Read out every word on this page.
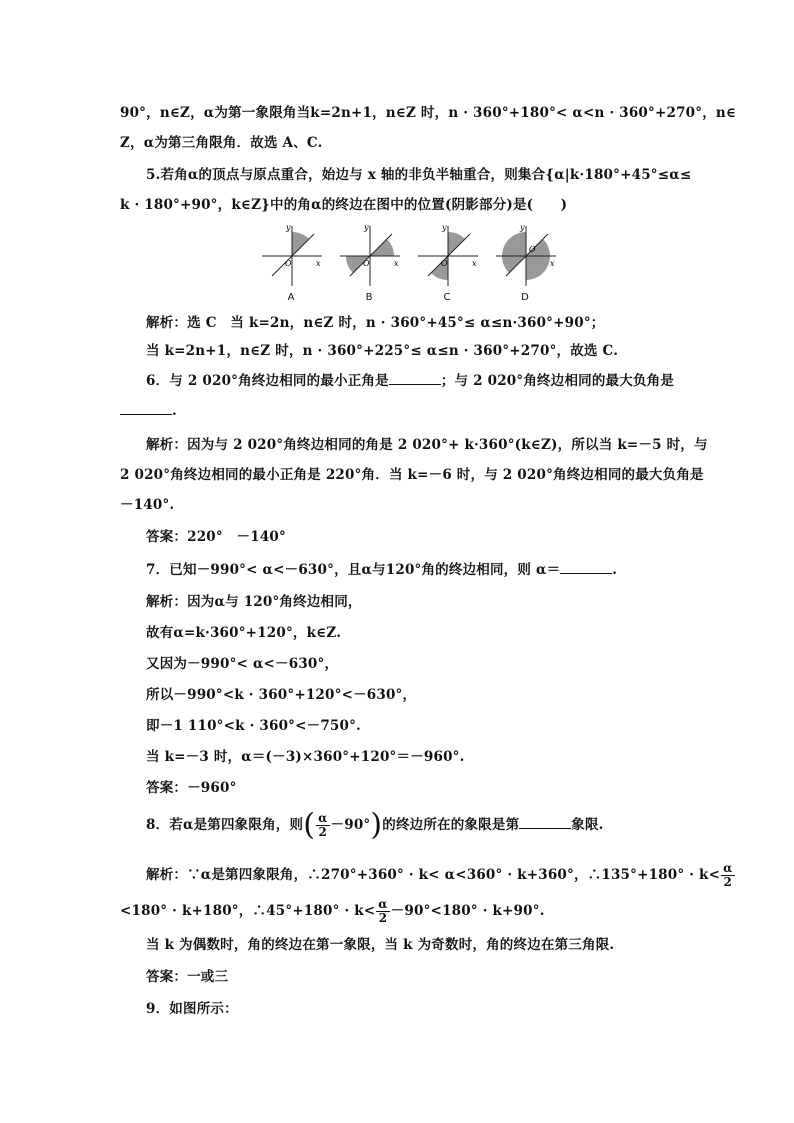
90°，n∈Z，α为第一象限角当k=2n+1，n∈Z 时，n · 360°+180°< α<n · 360°+270°，n∈
Z，α为第三角限角．故选 A、C.
5.若角α的顶点与原点重合，始边与 x 轴的非负半轴重合，则集合{α|k·180°+45°≤α≤
k · 180°+90°，k∈Z}中的角α的终边在图中的位置(阴影部分)是(　　)
y
x
O
A
y
x
O
B
y
x
O
C
y
x
O
D
解析：选 C　当 k=2n，n∈Z 时，n · 360°+45°≤ α≤n·360°+90°；
当 k=2n+1，n∈Z 时，n · 360°+225°≤ α≤n · 360°+270°，故选 C.
6．与 2 020°角终边相同的最小正角是	；与 2 020°角终边相同的最大负角是
.
解析：因为与 2 020°角终边相同的角是 2 020°+ k·360°(k∈Z)，所以当 k=－5 时，与
2 020°角终边相同的最小正角是 220°角．当 k=－6 时，与 2 020°角终边相同的最大负角是
－140°.
答案：220°　－140°
7．已知－990°< α<－630°，且α与120°角的终边相同，则 α＝	.
解析：因为α与 120°角终边相同，
故有α=k·360°+120°，k∈Z.
又因为－990°< α<－630°，
所以－990°<k · 360°+120°<－630°，
即－1 110°<k · 360°<－750°.
当 k=－3 时，α＝(－3)×360°+120°＝－960°.
答案：－960°
8．若α是第四象限角，则( $\frac{\alpha}{2} -90^\circ$)的终边所在的象限是第	象限.
解析：∵α是第四象限角，∴270°+360° · k< α<360° · k+360°，∴135°+180° · $k< \frac{\alpha}{2}$
<180° · k+180°，∴45°+180° · $k< \frac{\alpha}{2} -90^\circ<180^\circ \cdot k+90^\circ$.
当 k 为偶数时，角的终边在第一象限，当 k 为奇数时，角的终边在第三角限.
答案：一或三
9．如图所示：
